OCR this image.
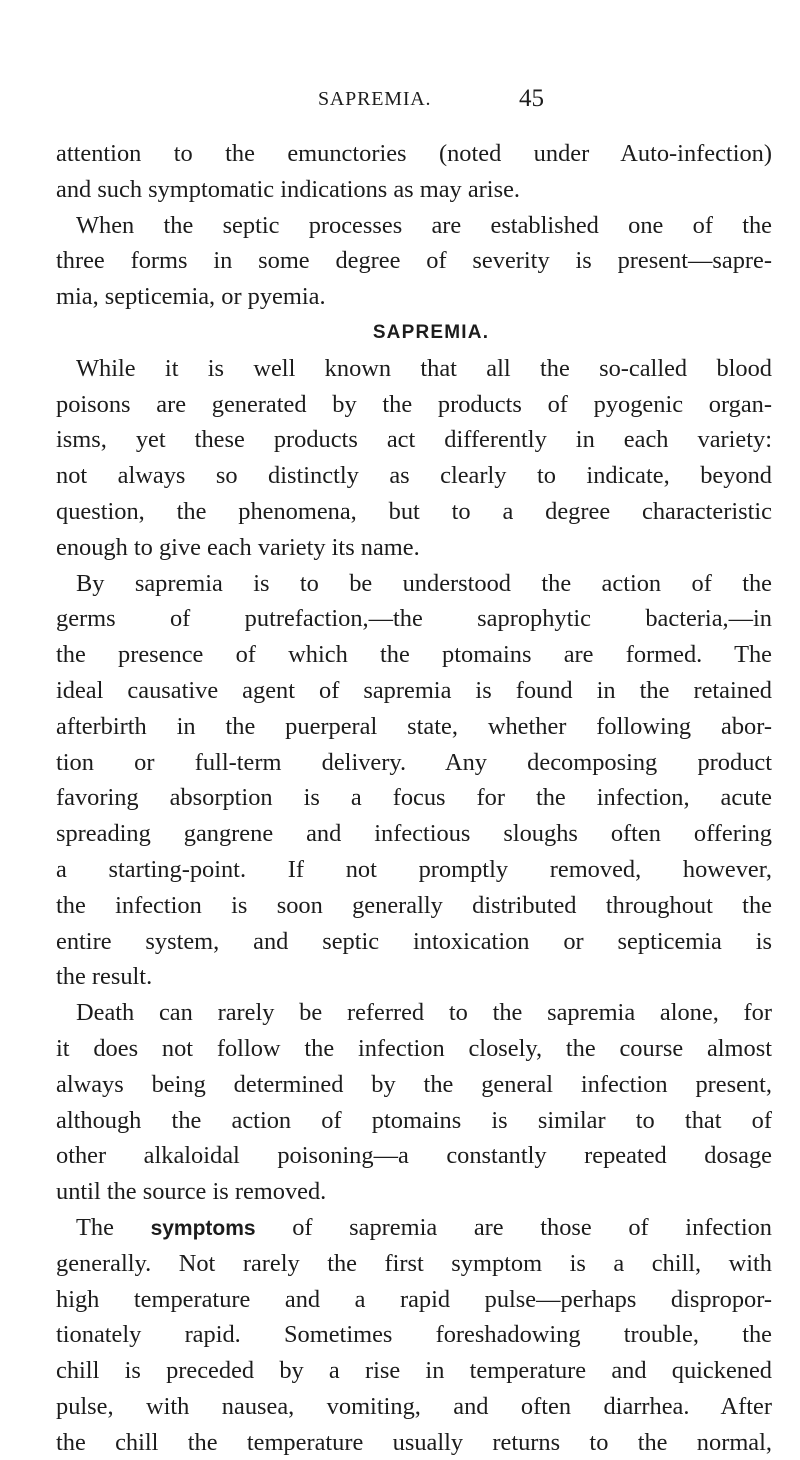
SAPREMIA.	45
attention to the emunctories (noted under Auto-infection)
and such symptomatic indications as may arise.
When the septic processes are established one of the
three forms in some degree of severity is present—sapre-
mia, septicemia, or pyemia.
SAPREMIA.
While it is well known that all the so-called blood
poisons are generated by the products of pyogenic organ-
isms, yet these products act differently in each variety:
not always so distinctly as clearly to indicate, beyond
question, the phenomena, but to a degree characteristic
enough to give each variety its name.
By sapremia is to be understood the action of the
germs of putrefaction,—the saprophytic bacteria,—in
the presence of which the ptomains are formed. The
ideal causative agent of sapremia is found in the retained
afterbirth in the puerperal state, whether following abor-
tion or full-term delivery. Any decomposing product
favoring absorption is a focus for the infection, acute
spreading gangrene and infectious sloughs often offering
a starting-point. If not promptly removed, however,
the infection is soon generally distributed throughout the
entire system, and septic intoxication or septicemia is
the result.
Death can rarely be referred to the sapremia alone, for
it does not follow the infection closely, the course almost
always being determined by the general infection present,
although the action of ptomains is similar to that of
other alkaloidal poisoning—a constantly repeated dosage
until the source is removed.
The symptoms of sapremia are those of infection
generally. Not rarely the first symptom is a chill, with
high temperature and a rapid pulse—perhaps dispropor-
tionately rapid. Sometimes foreshadowing trouble, the
chill is preceded by a rise in temperature and quickened
pulse, with nausea, vomiting, and often diarrhea. After
the chill the temperature usually returns to the normal,
